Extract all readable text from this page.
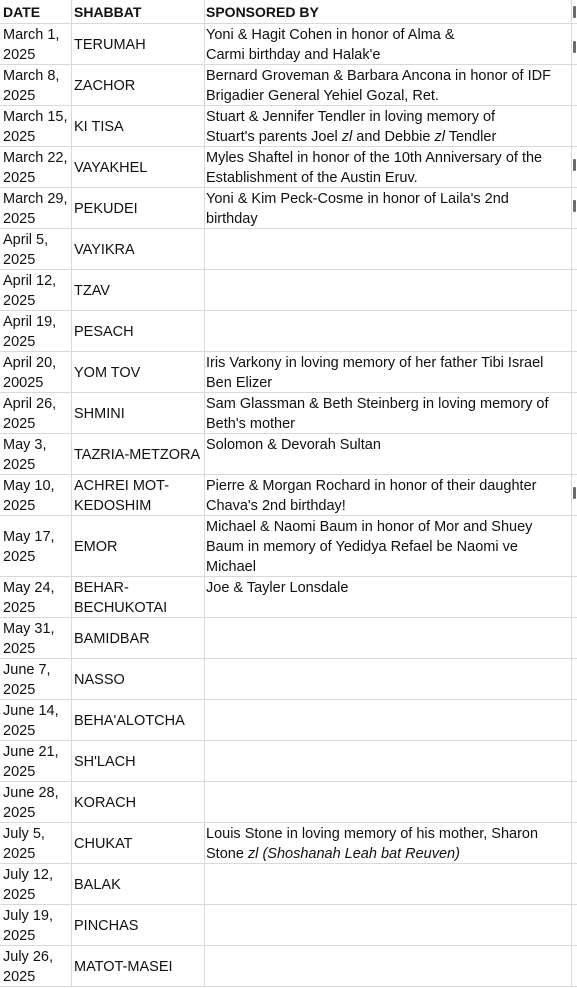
DATE	SHABBAT	SPONSORED BY
March 1,
2025
TERUMAH
Yoni & Hagit Cohen in honor of Alma &
Carmi birthday and Halak'e
March 8,
2025
ZACHOR
Bernard Groveman & Barbara Ancona in honor of IDF
Brigadier General Yehiel Gozal, Ret.
March 15,
2025
KI TISA
Stuart & Jennifer Tendler in loving memory of
Stuart's parents Joel zl and Debbie zl Tendler
March 22,
2025
VAYAKHEL
Myles Shaftel in honor of the 10th Anniversary of the
Establishment of the Austin Eruv.
March 29,
2025
PEKUDEI
Yoni & Kim Peck-Cosme in honor of Laila's 2nd
birthday
April 5,
2025
VAYIKRA
April 12,
2025
TZAV
April 19,
2025
PESACH
April 20,
20025
YOM TOV
Iris Varkony in loving memory of her father Tibi Israel
Ben Elizer
April 26,
2025
SHMINI
Sam Glassman & Beth Steinberg in loving memory of
Beth's mother
May 3,
2025
TAZRIA-METZORA
Solomon & Devorah Sultan
May 10,
2025
ACHREI MOT-KEDOSHIM
Pierre & Morgan Rochard in honor of their daughter
Chava's 2nd birthday!
May 17,
2025
EMOR
Michael & Naomi Baum in honor of Mor and Shuey
Baum in memory of Yedidya Refael be Naomi ve
Michael
May 24,
2025
BEHAR-BECHUKOTAI
Joe & Tayler Lonsdale
May 31,
2025
BAMIDBAR
June 7,
2025
NASSO
June 14,
2025
BEHA'ALOTCHA
June 21,
2025
SH'LACH
June 28,
2025
KORACH
July 5,
2025
CHUKAT
Louis Stone in loving memory of his mother, Sharon
Stone zl (Shoshanah Leah bat Reuven)
July 12,
2025
BALAK
July 19,
2025
PINCHAS
July 26,
2025
MATOT-MASEI
